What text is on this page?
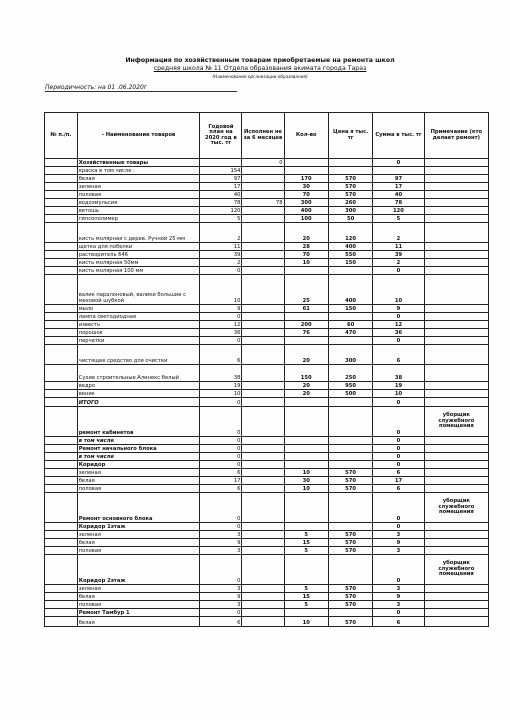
Информация по хозяйственным товарам приобретаемые на ремонта школ
средняя школа № 11 Отдела образования акимата города Тараз
(Наименование организации образования)
Периодичность: на 01 .06.2020г
№ п./п.	- Наименование товаров	Годовой план на 2020 год в тыс. тг	Исполнен не за 6 месяцев	Кол-во	Цена я тыс. тг	Сумма в тыс. тг	Примечание (кто делает ремонт)
	Хозяйственные товары		0			0	
	краска в том числе :	154					
	белая	97		170	570	97	
	зеленая	17		30	570	17	
	половая	40		70	570	40	
	водоэмульсия	78	78	300	260	78	
	ветошь	120		400	300	120	
	гипсополимер	5		100	50	5	
	кисть молярная с дерев. Ручной 25 мм	2		20	120	2	
	щетка для побелки	11		28	400	11	
	растворитель 646	39		70	550	39	
	кисть молярная 50мм	2		10	150	2	
	кисть молярная 100 мм	0				0	
	валик паралоновый, валики большие с меховой шубкой	10		25	400	10	
	мыло	9		61	150	9	
	лампа светодиодная	0				0	
	известь	12		200	60	12	
	порошок	36		76	470	36	
	перчатки	0				0	
	чистящее средство для очистки	6		20	300	6	
	Сухие строительные Алинекс белый	38		150	250	38	
	ведро	19		20	950	19	
	веник	10		20	500	10	
	ИТОГО	0				0	
	ремонт кабинетов	0				0	уборщик служебного помещения
	в том числе	0				0	
	Ремонт начального блока	0				0	
	в том числе	0				0	
	Коридор	0				0	
	зеленая	6		10	570	6	
	белая	17		30	570	17	
	половая	6		10	570	6	
	Ремонт основного блока	0				0	уборщик служебного помещения
	Коридор 1этаж	0				0	
	зеленая	3		5	570	3	
	белая	9		15	570	9	
	половая	3		5	570	3	
	Коридор 2этаж	0				0	уборщик служебного помещения
	зеленая	3		5	570	3	
	белая	9		15	570	9	
	половая	3		5	570	3	
	Ремонт Тамбур 1	0				0	
	белая	6		10	570	6	
